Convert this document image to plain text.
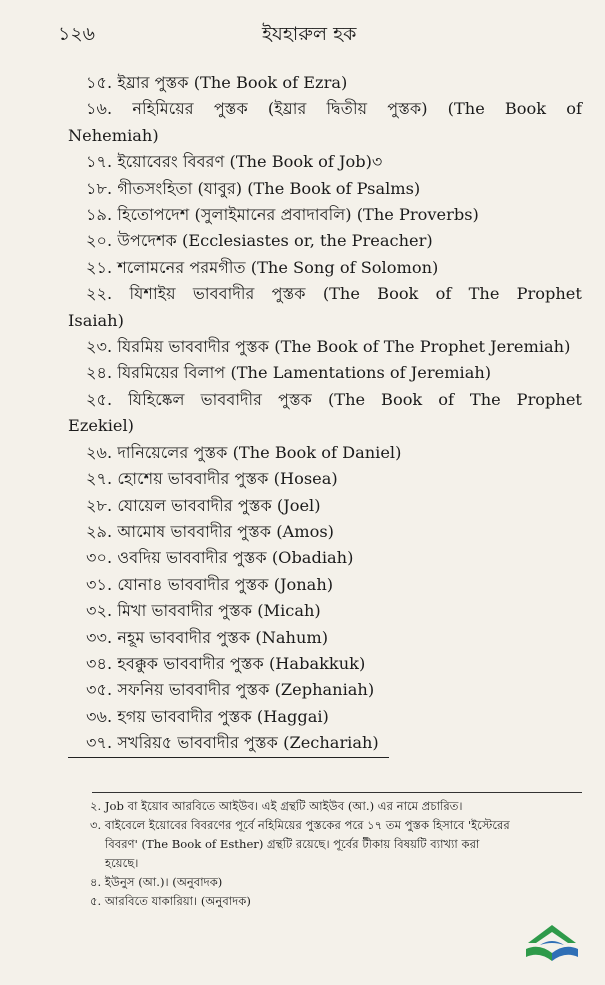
১২৬	ইযহারুল হক
১৫. ইয্রার পুস্তক (The Book of Ezra)
১৬. নহিমিয়ের পুস্তক (ইয্রার দ্বিতীয় পুস্তক) (The Book of
Nehemiah)
১৭. ইয়োবেরং বিবরণ (The Book of Job)৩
১৮. গীতসংহিতা (যাবুর) (The Book of Psalms)
১৯. হিতোপদেশ (সুলাইমানের প্রবাদাবলি) (The Proverbs)
২০. উপদেশক (Ecclesiastes or, the Preacher)
২১. শলোমনের পরমগীত (The Song of Solomon)
২২. যিশাইয় ভাববাদীর পুস্তক (The Book of The Prophet
Isaiah)
২৩. যিরমিয় ভাববাদীর পুস্তক (The Book of The Prophet Jeremiah)
২৪. যিরমিয়ের বিলাপ (The Lamentations of Jeremiah)
২৫. যিহিষ্কেল ভাববাদীর পুস্তক (The Book of The Prophet
Ezekiel)
২৬. দানিয়েলের পুস্তক (The Book of Daniel)
২৭. হোশেয় ভাববাদীর পুস্তক (Hosea)
২৮. যোয়েল ভাববাদীর পুস্তক (Joel)
২৯. আমোষ ভাববাদীর পুস্তক (Amos)
৩০. ওবদিয় ভাববাদীর পুস্তক (Obadiah)
৩১. যোনা৪ ভাববাদীর পুস্তক (Jonah)
৩২. মিখা ভাববাদীর পুস্তক (Micah)
৩৩. নহূম ভাববাদীর পুস্তক (Nahum)
৩৪. হবক্কুক ভাববাদীর পুস্তক (Habakkuk)
৩৫. সফনিয় ভাববাদীর পুস্তক (Zephaniah)
৩৬. হগয় ভাববাদীর পুস্তক (Haggai)
৩৭. সখরিয়৫ ভাববাদীর পুস্তক (Zechariah)
২. Job বা ইয়োব আরবিতে আইউব। এই গ্রন্থটি আইউব (আ.) এর নামে প্রচারিত।
৩. বাইবেলে ইয়োবের বিবরণের পূর্বে নহিমিয়ের পুস্তকের পরে ১৭ তম পুস্তক হিসাবে 'ইস্টেরের
বিবরণ' (The Book of Esther) গ্রন্থটি রয়েছে। পূর্বের টীকায় বিষয়টি ব্যাখ্যা করা
হয়েছে।
৪. ইউনুস (আ.)। (অনুবাদক)
৫. আরবিতে যাকারিয়া। (অনুবাদক)
